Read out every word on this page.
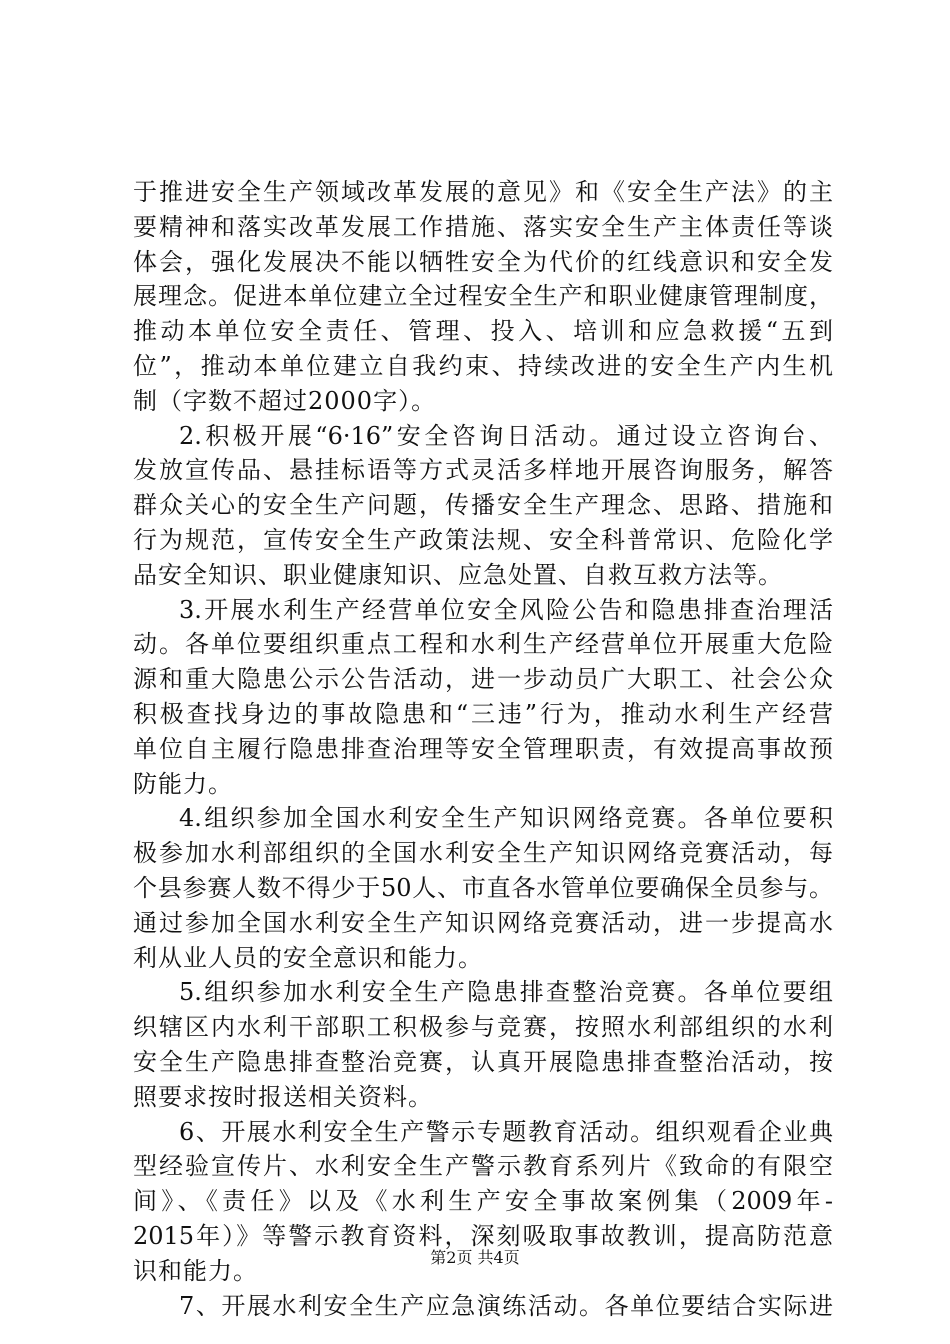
于推进安全生产领域改革发展的意见》和《安全生产法》的主
要精神和落实改革发展工作措施、落实安全生产主体责任等谈
体会，强化发展决不能以牺牲安全为代价的红线意识和安全发
展理念。促进本单位建立全过程安全生产和职业健康管理制度，
推动本单位安全责任、管理、投入、培训和应急救援“五到
位”，推动本单位建立自我约束、持续改进的安全生产内生机
制（字数不超过2000字）。
2.积极开展“6·16”安全咨询日活动。通过设立咨询台、
发放宣传品、悬挂标语等方式灵活多样地开展咨询服务，解答
群众关心的安全生产问题，传播安全生产理念、思路、措施和
行为规范，宣传安全生产政策法规、安全科普常识、危险化学
品安全知识、职业健康知识、应急处置、自救互救方法等。
3.开展水利生产经营单位安全风险公告和隐患排查治理活
动。各单位要组织重点工程和水利生产经营单位开展重大危险
源和重大隐患公示公告活动，进一步动员广大职工、社会公众
积极查找身边的事故隐患和“三违”行为，推动水利生产经营
单位自主履行隐患排查治理等安全管理职责，有效提高事故预
防能力。
4.组织参加全国水利安全生产知识网络竞赛。各单位要积
极参加水利部组织的全国水利安全生产知识网络竞赛活动，每
个县参赛人数不得少于50人、市直各水管单位要确保全员参与。
通过参加全国水利安全生产知识网络竞赛活动，进一步提高水
利从业人员的安全意识和能力。
5.组织参加水利安全生产隐患排查整治竞赛。各单位要组
织辖区内水利干部职工积极参与竞赛，按照水利部组织的水利
安全生产隐患排查整治竞赛，认真开展隐患排查整治活动，按
照要求按时报送相关资料。
6、开展水利安全生产警示专题教育活动。组织观看企业典
型经验宣传片、水利安全生产警示教育系列片《致命的有限空
间》、《责任》以及《水利生产安全事故案例集（2009年-
2015年）》等警示教育资料，深刻吸取事故教训，提高防范意
识和能力。
7、开展水利安全生产应急演练活动。各单位要结合实际进
第2页 共4页
